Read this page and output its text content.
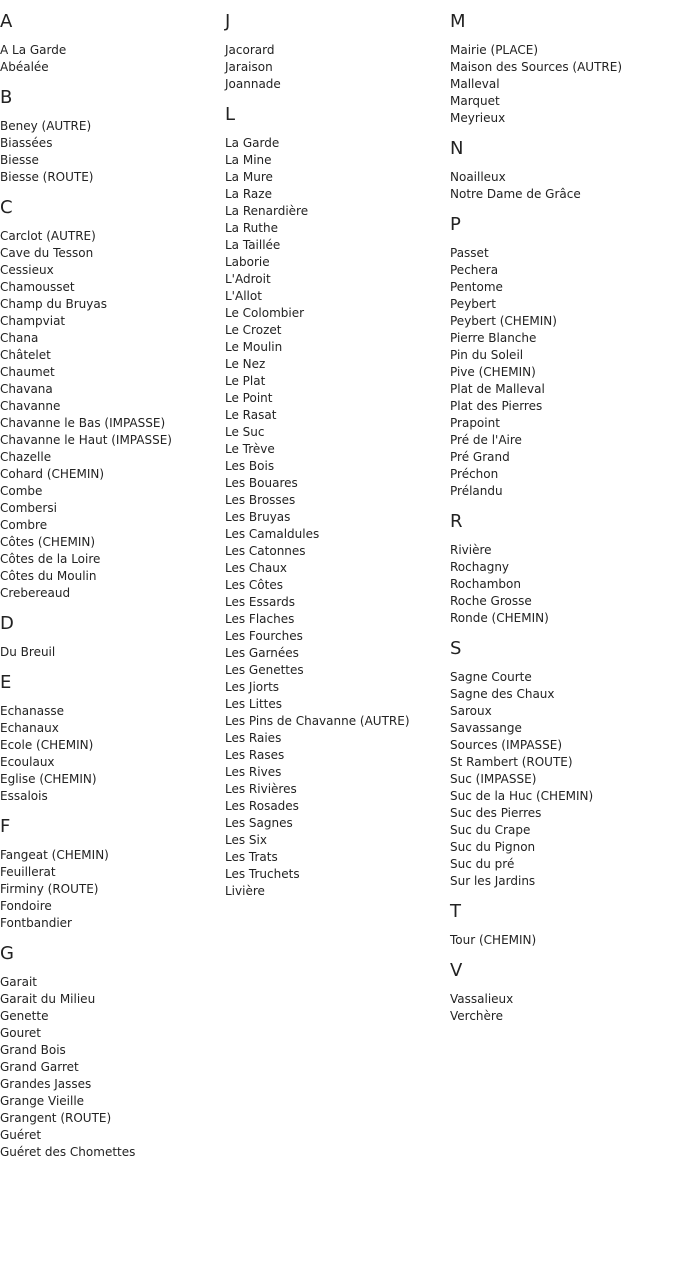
A
A La Garde
Abéalée
B
Beney (AUTRE)
Biassées
Biesse
Biesse (ROUTE)
C
Carclot (AUTRE)
Cave du Tesson
Cessieux
Chamousset
Champ du Bruyas
Champviat
Chana
Châtelet
Chaumet
Chavana
Chavanne
Chavanne le Bas (IMPASSE)
Chavanne le Haut (IMPASSE)
Chazelle
Cohard (CHEMIN)
Combe
Combersi
Combre
Côtes (CHEMIN)
Côtes de la Loire
Côtes du Moulin
Crebereaud
D
Du Breuil
E
Echanasse
Echanaux
Ecole (CHEMIN)
Ecoulaux
Eglise (CHEMIN)
Essalois
F
Fangeat (CHEMIN)
Feuillerat
Firminy (ROUTE)
Fondoire
Fontbandier
G
Garait
Garait du Milieu
Genette
Gouret
Grand Bois
Grand Garret
Grandes Jasses
Grange Vieille
Grangent (ROUTE)
Guéret
Guéret des Chomettes
J
Jacorard
Jaraison
Joannade
L
La Garde
La Mine
La Mure
La Raze
La Renardière
La Ruthe
La Taillée
Laborie
L'Adroit
L'Allot
Le Colombier
Le Crozet
Le Moulin
Le Nez
Le Plat
Le Point
Le Rasat
Le Suc
Le Trève
Les Bois
Les Bouares
Les Brosses
Les Bruyas
Les Camaldules
Les Catonnes
Les Chaux
Les Côtes
Les Essards
Les Flaches
Les Fourches
Les Garnées
Les Genettes
Les Jiorts
Les Littes
Les Pins de Chavanne (AUTRE)
Les Raies
Les Rases
Les Rives
Les Rivières
Les Rosades
Les Sagnes
Les Six
Les Trats
Les Truchets
Livière
M
Mairie (PLACE)
Maison des Sources (AUTRE)
Malleval
Marquet
Meyrieux
N
Noailleux
Notre Dame de Grâce
P
Passet
Pechera
Pentome
Peybert
Peybert (CHEMIN)
Pierre Blanche
Pin du Soleil
Pive (CHEMIN)
Plat de Malleval
Plat des Pierres
Prapoint
Pré de l'Aire
Pré Grand
Préchon
Prélandu
R
Rivière
Rochagny
Rochambon
Roche Grosse
Ronde (CHEMIN)
S
Sagne Courte
Sagne des Chaux
Saroux
Savassange
Sources (IMPASSE)
St Rambert (ROUTE)
Suc (IMPASSE)
Suc de la Huc (CHEMIN)
Suc des Pierres
Suc du Crape
Suc du Pignon
Suc du pré
Sur les Jardins
T
Tour (CHEMIN)
V
Vassalieux
Verchère
